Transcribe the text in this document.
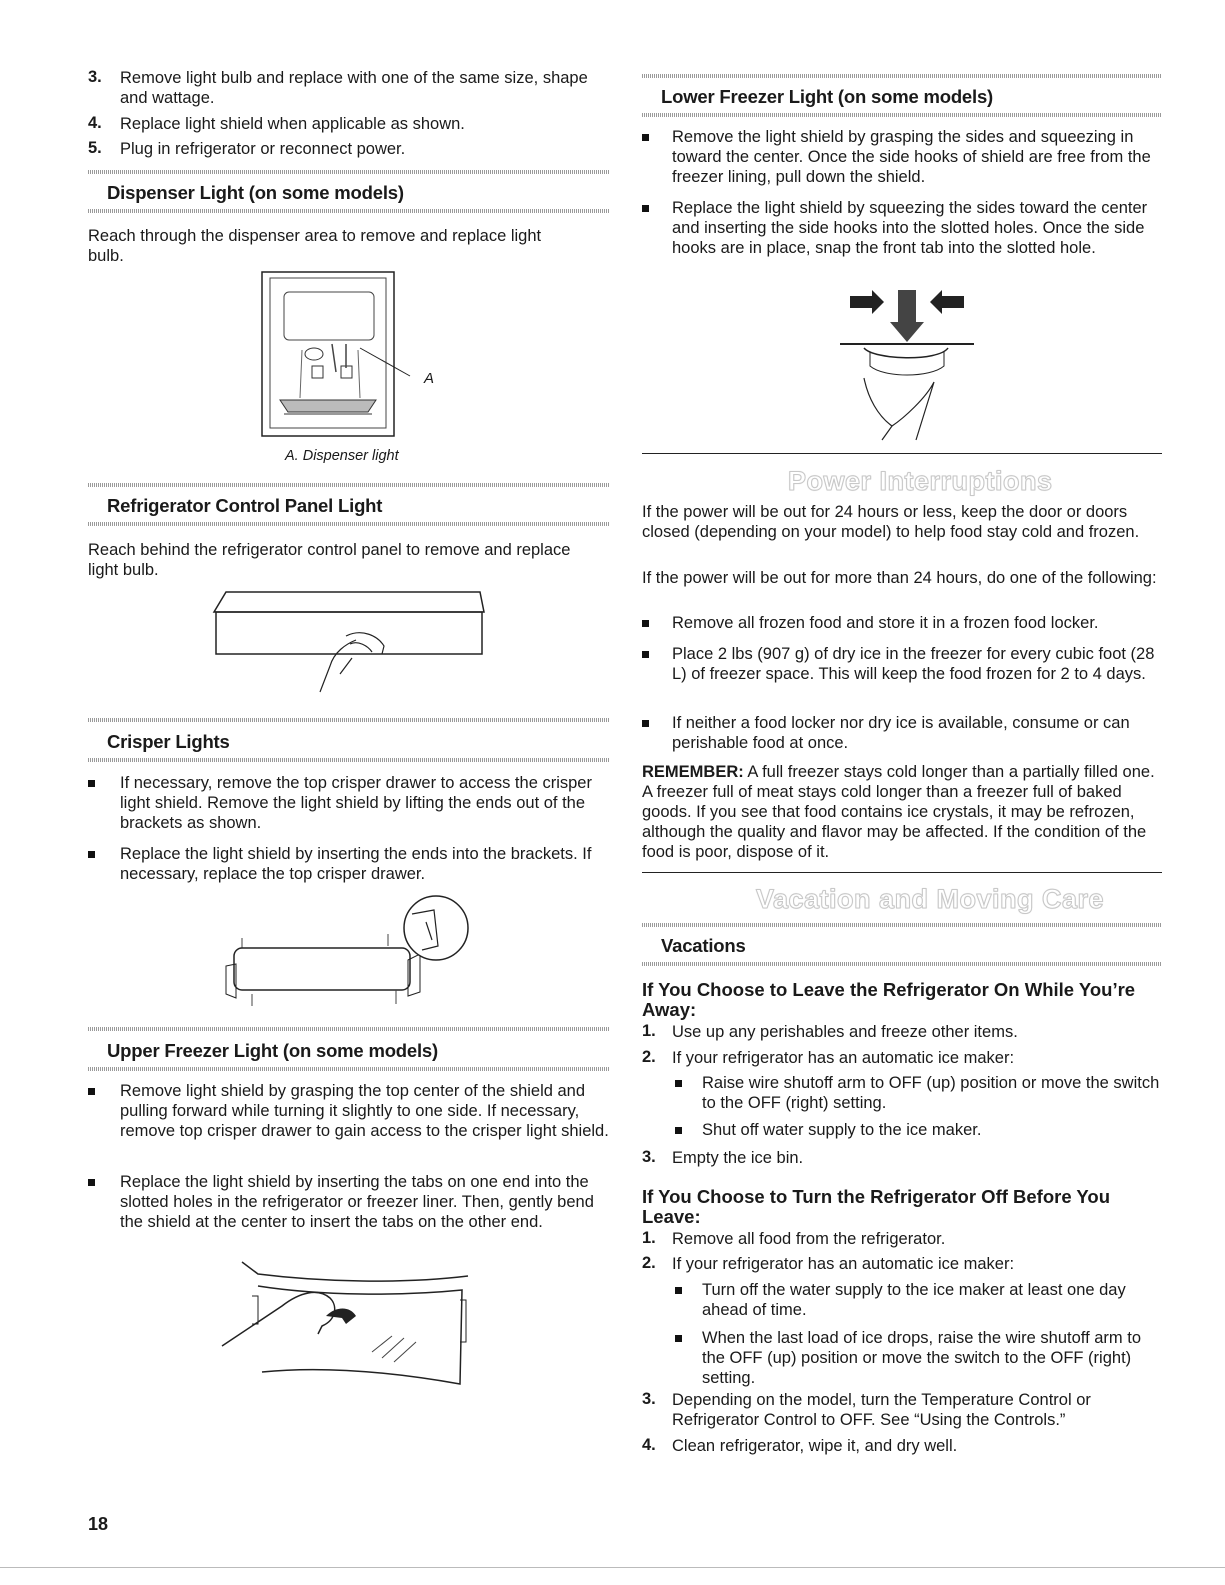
3. Remove light bulb and replace with one of the same size, shape and wattage.
4. Replace light shield when applicable as shown.
5. Plug in refrigerator or reconnect power.
Dispenser Light (on some models)
Reach through the dispenser area to remove and replace light bulb.
A
A. Dispenser light
Refrigerator Control Panel Light
Reach behind the refrigerator control panel to remove and replace light bulb.
Crisper Lights
If necessary, remove the top crisper drawer to access the crisper light shield. Remove the light shield by lifting the ends out of the brackets as shown.
Replace the light shield by inserting the ends into the brackets. If necessary, replace the top crisper drawer.
Upper Freezer Light (on some models)
Remove light shield by grasping the top center of the shield and pulling forward while turning it slightly to one side. If necessary, remove top crisper drawer to gain access to the crisper light shield.
Replace the light shield by inserting the tabs on one end into the slotted holes in the refrigerator or freezer liner. Then, gently bend the shield at the center to insert the tabs on the other end.
18
Lower Freezer Light (on some models)
Remove the light shield by grasping the sides and squeezing in toward the center. Once the side hooks of shield are free from the freezer lining, pull down the shield.
Replace the light shield by squeezing the sides toward the center and inserting the side hooks into the slotted holes. Once the side hooks are in place, snap the front tab into the slotted hole.
Power Interruptions
If the power will be out for 24 hours or less, keep the door or doors closed (depending on your model) to help food stay cold and frozen.
If the power will be out for more than 24 hours, do one of the following:
Remove all frozen food and store it in a frozen food locker.
Place 2 lbs (907 g) of dry ice in the freezer for every cubic foot (28 L) of freezer space. This will keep the food frozen for 2 to 4 days.
If neither a food locker nor dry ice is available, consume or can perishable food at once.
REMEMBER: A full freezer stays cold longer than a partially filled one. A freezer full of meat stays cold longer than a freezer full of baked goods. If you see that food contains ice crystals, it may be refrozen, although the quality and flavor may be affected. If the condition of the food is poor, dispose of it.
Vacation and Moving Care
Vacations
If You Choose to Leave the Refrigerator On While You’re Away:
1. Use up any perishables and freeze other items.
2. If your refrigerator has an automatic ice maker:
Raise wire shutoff arm to OFF (up) position or move the switch to the OFF (right) setting.
Shut off water supply to the ice maker.
3. Empty the ice bin.
If You Choose to Turn the Refrigerator Off Before You Leave:
1. Remove all food from the refrigerator.
2. If your refrigerator has an automatic ice maker:
Turn off the water supply to the ice maker at least one day ahead of time.
When the last load of ice drops, raise the wire shutoff arm to the OFF (up) position or move the switch to the OFF (right) setting.
3. Depending on the model, turn the Temperature Control or Refrigerator Control to OFF. See “Using the Controls.”
4. Clean refrigerator, wipe it, and dry well.
